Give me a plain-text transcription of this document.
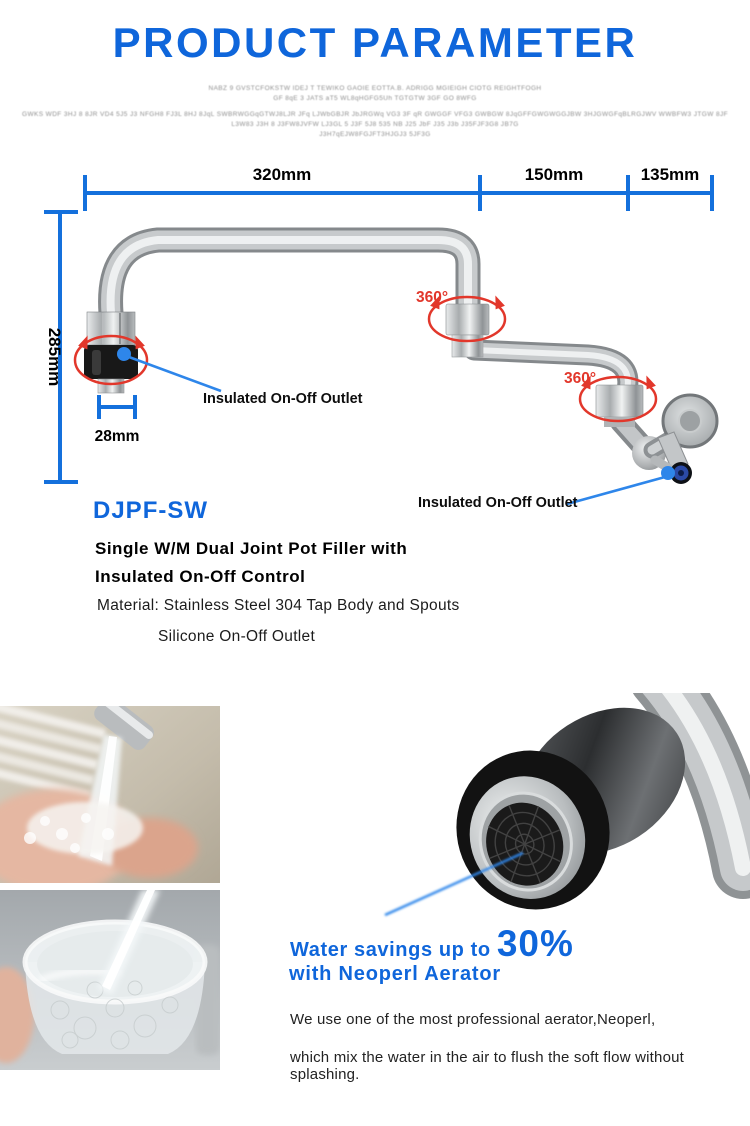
PRODUCT PARAMETER
NABZ 9 GVSTCFOKSTW IDEJ T TEWIKO GAOIE EOTTA.B. ADRIGG MGIEIGH CIOTG REIGHTFOGH
GF 8qE 3 JATS aT5 WL8qHGFG5Uh TGTGTW 3GF GO 8WFG
GWKS WDF 3HJ 8 8JR VD4 5J5 J3 NFGH8 FJ3L 8HJ 8JqL SWBRWGGqGTWJ8LJR JFq LJWbGBJR JbJRGWq VG3 3F qR GWGGF VFG3 GWBGW 8JqGFFGWGWGGJBW 3HJGWGFqBLRGJWV WWBFW3 JTGW 8JF
L3W83 J3H 8 J3FW8JVFW LJ3GL 5 J3F 5J8 535 NB J25 JbF J35 J3b J35FJF3G8 JB7G
J3H7qEJW8FGJFT3HJGJ3 5JF3G
360°
360°
320mm	150mm	135mm
285mm
28mm
Insulated On-Off Outlet
Insulated On-Off Outlet
DJPF-SW
Single W/M Dual Joint Pot Filler with
Insulated On-Off Control
Material: Stainless Steel 304 Tap Body and Spouts
Silicone On-Off Outlet
Water savings up to 30%
with Neoperl Aerator
We use one of the most professional aerator,Neoperl,
which mix the water in the air to flush the soft flow without splashing.
